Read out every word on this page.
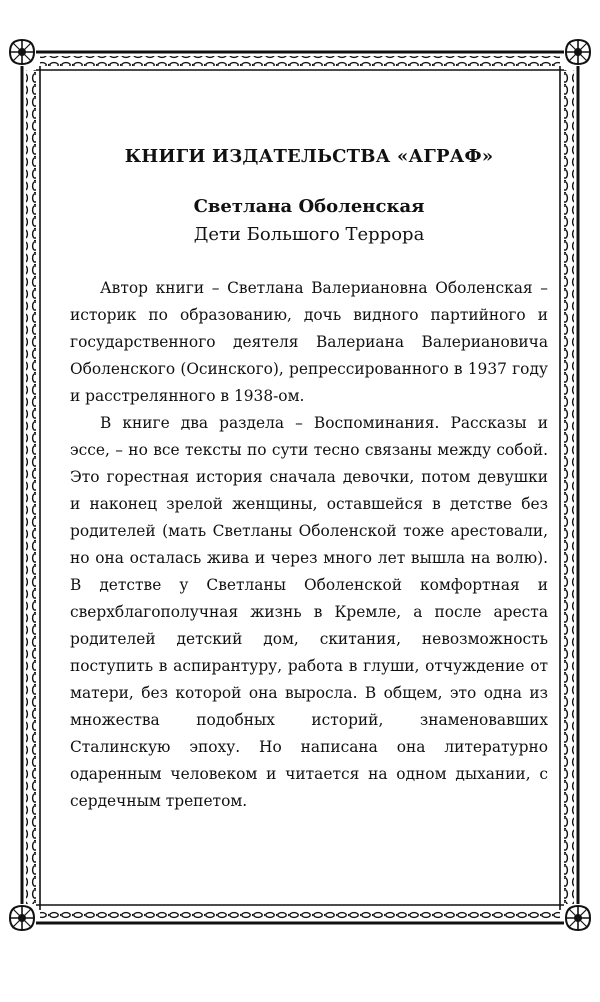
КНИГИ ИЗДАТЕЛЬСТВА «АГРАФ»
Светлана Оболенская
Дети Большого Террора

Автор книги – Светлана Валериановна Оболенская – историк по образованию, дочь видного партийного и государственного деятеля Валериана Валериановича Оболенского (Осинского), репрессированного в 1937 году и расстрелянного в 1938-ом.

В книге два раздела – Воспоминания. Рассказы и эссе, – но все тексты по сути тесно связаны между собой. Это горестная история сначала девочки, потом девушки и наконец зрелой женщины, оставшейся в детстве без родителей (мать Светланы Оболенской тоже арестовали, но она осталась жива и через много лет вышла на волю). В детстве у Светланы Оболенской комфортная и сверхблагополучная жизнь в Кремле, а после ареста родителей детский дом, скитания, невозможность поступить в аспирантуру, работа в глуши, отчуждение от матери, без которой она выросла. В общем, это одна из множества подобных историй, знаменовавших Сталинскую эпоху. Но написана она литературно одаренным человеком и читается на одном дыхании, с сердечным трепетом.
